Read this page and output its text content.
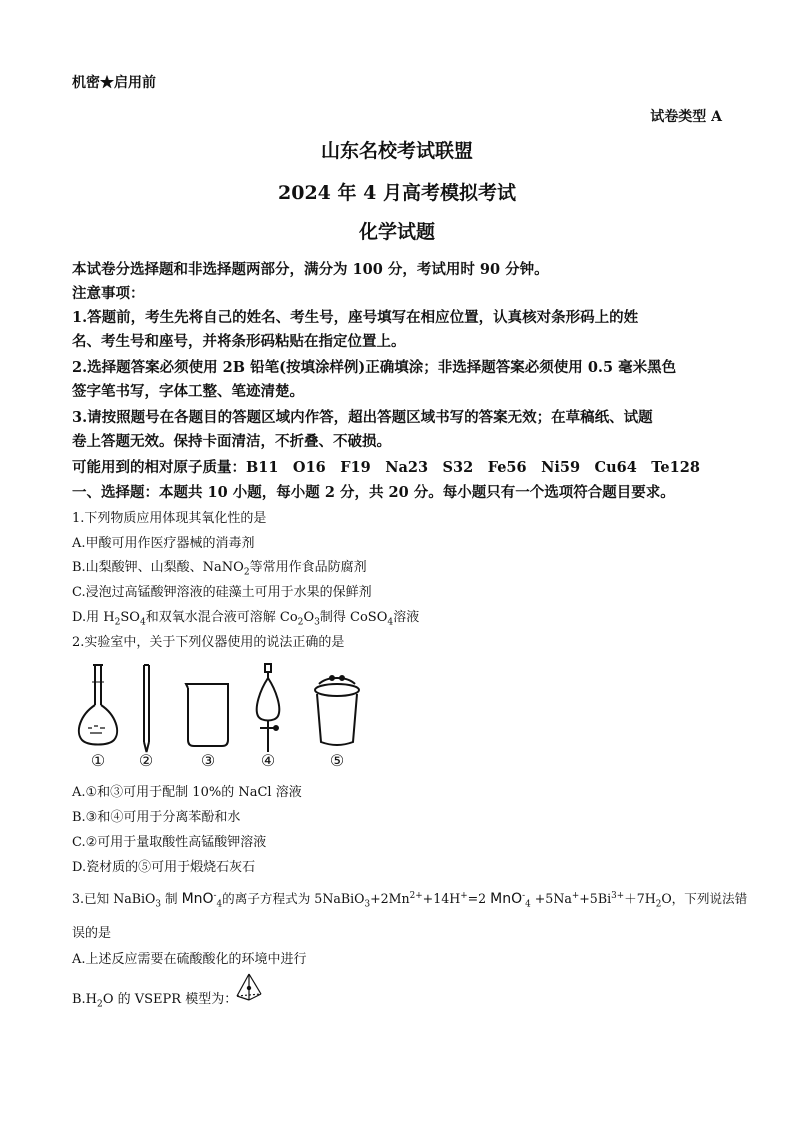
机密★启用前
试卷类型 A
山东名校考试联盟
2024 年 4 月高考模拟考试
化学试题
本试卷分选择题和非选择题两部分，满分为 100 分，考试用时 90 分钟。
注意事项：
1.答题前，考生先将自己的姓名、考生号，座号填写在相应位置，认真核对条形码上的姓
名、考生号和座号，并将条形码粘贴在指定位置上。
2.选择题答案必须使用 2B 铅笔(按填涂样例)正确填涂；非选择题答案必须使用 0.5 毫米黑色
签字笔书写，字体工整、笔迹清楚。
3.请按照题号在各题目的答题区域内作答，超出答题区域书写的答案无效；在草稿纸、试题
卷上答题无效。保持卡面清洁，不折叠、不破损。
可能用到的相对原子质量：B11　O16　F19　Na23　S32　Fe56　Ni59　Cu64　Te128
一、选择题：本题共 10 小题，每小题 2 分，共 20 分。每小题只有一个选项符合题目要求。
1.下列物质应用体现其氧化性的是
A.甲酸可用作医疗器械的消毒剂
B.山梨酸钾、山梨酸、NaNO$_2$等常用作食品防腐剂
C.浸泡过高锰酸钾溶液的硅藻土可用于水果的保鲜剂
D.用 $H_2SO_4$和双氧水混合液可溶解 $Co_2O_3$制得 CoSO$_4$溶液
2.实验室中，关于下列仪器使用的说法正确的是
① ②	③	④	⑤
A.①和③可用于配制 10%的 NaCl 溶液
B.③和④可用于分离苯酚和水
C.②可用于量取酸性高锰酸钾溶液
D.瓷材质的⑤可用于煅烧石灰石
3.已知 NaBiO$_3$ 制 MnO-$_4$的离子方程式为 $5NaBiO_3+2Mn^{2+}+14H^+=2$ $MnO^-_4 +5Na^++5Bi^{3+}+7H_2O$，下列说法错
误的是
A.上述反应需要在硫酸酸化的环境中进行
$B.H_2O$ 的 VSEPR 模型为：
